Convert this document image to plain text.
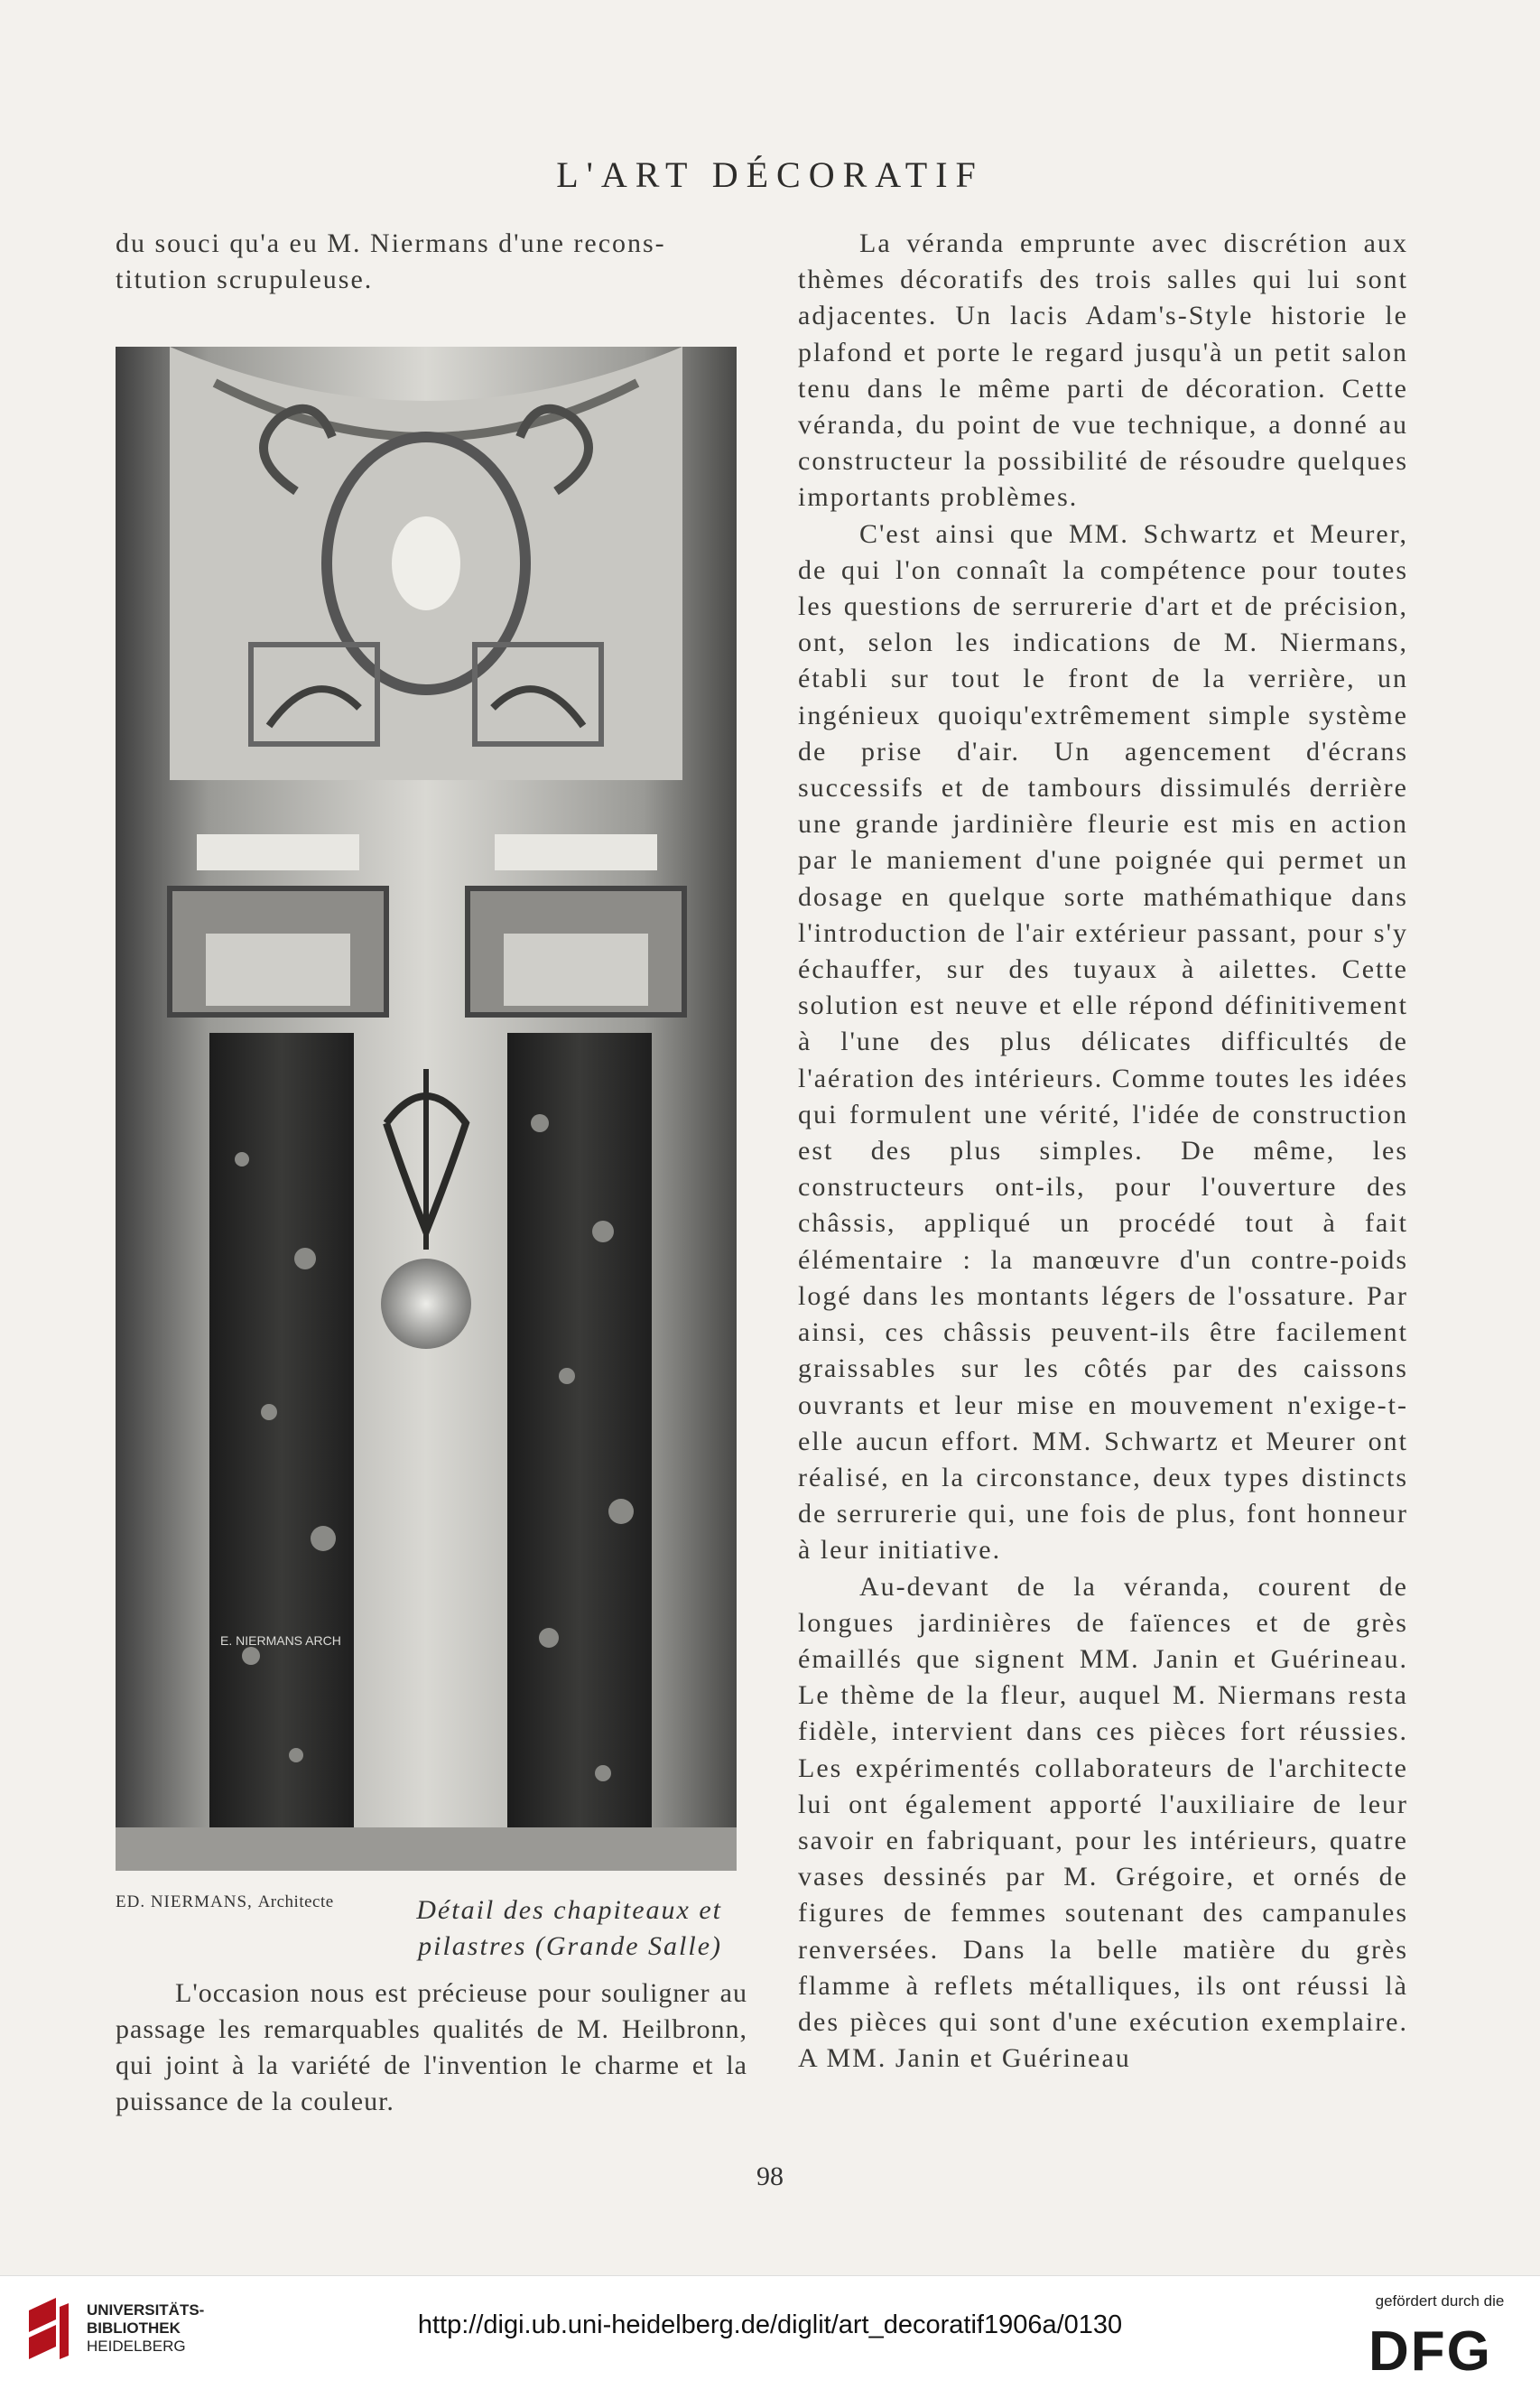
L'ART DÉCORATIF

du souci qu'a eu M. Niermans d'une recons-
titution scrupuleuse.

E. NIERMANS ARCH
ED. NIERMANS, Architecte	Détail des chapiteaux et
pilastres (Grande Salle)

L'occasion nous est précieuse pour souligner au passage les remarquables qualités de M. Heilbronn, qui joint à la variété de l'invention le charme et la puissance de la couleur.

La véranda emprunte avec discrétion aux thèmes décoratifs des trois salles qui lui sont adjacentes. Un lacis Adam's-Style historie le plafond et porte le regard jusqu'à un petit salon tenu dans le même parti de décoration. Cette véranda, du point de vue technique, a donné au constructeur la possibilité de résoudre quelques importants problèmes.

C'est ainsi que MM. Schwartz et Meurer, de qui l'on connaît la compétence pour toutes les questions de serrurerie d'art et de précision, ont, selon les indications de M. Niermans, établi sur tout le front de la verrière, un ingénieux quoiqu'extrêmement simple système de prise d'air. Un agencement d'écrans successifs et de tambours dissimulés derrière une grande jardinière fleurie est mis en action par le maniement d'une poignée qui permet un dosage en quelque sorte mathémathique dans l'introduction de l'air extérieur passant, pour s'y échauffer, sur des tuyaux à ailettes. Cette solution est neuve et elle répond définitivement à l'une des plus délicates difficultés de l'aération des intérieurs. Comme toutes les idées qui formulent une vérité, l'idée de construction est des plus simples. De même, les constructeurs ont-ils, pour l'ouverture des châssis, appliqué un procédé tout à fait élémentaire : la manœuvre d'un contre-poids logé dans les montants légers de l'ossature. Par ainsi, ces châssis peuvent-ils être facilement graissables sur les côtés par des caissons ouvrants et leur mise en mouvement n'exige-t-elle aucun effort. MM. Schwartz et Meurer ont réalisé, en la circonstance, deux types distincts de serrurerie qui, une fois de plus, font honneur à leur initiative.

Au-devant de la véranda, courent de longues jardinières de faïences et de grès émaillés que signent MM. Janin et Guérineau. Le thème de la fleur, auquel M. Niermans resta fidèle, intervient dans ces pièces fort réussies. Les expérimentés collaborateurs de l'architecte lui ont également apporté l'auxiliaire de leur savoir en fabriquant, pour les intérieurs, quatre vases dessinés par M. Grégoire, et ornés de figures de femmes soutenant des campanules renversées. Dans la belle matière du grès flamme à reflets métalliques, ils ont réussi là des pièces qui sont d'une exécution exemplaire. A MM. Janin et Guérineau

98
UNIVERSITÄTS-
BIBLIOTHEK
HEIDELBERG
http://digi.ub.uni-heidelberg.de/diglit/art_decoratif1906a/0130
gefördert durch die
DFG
